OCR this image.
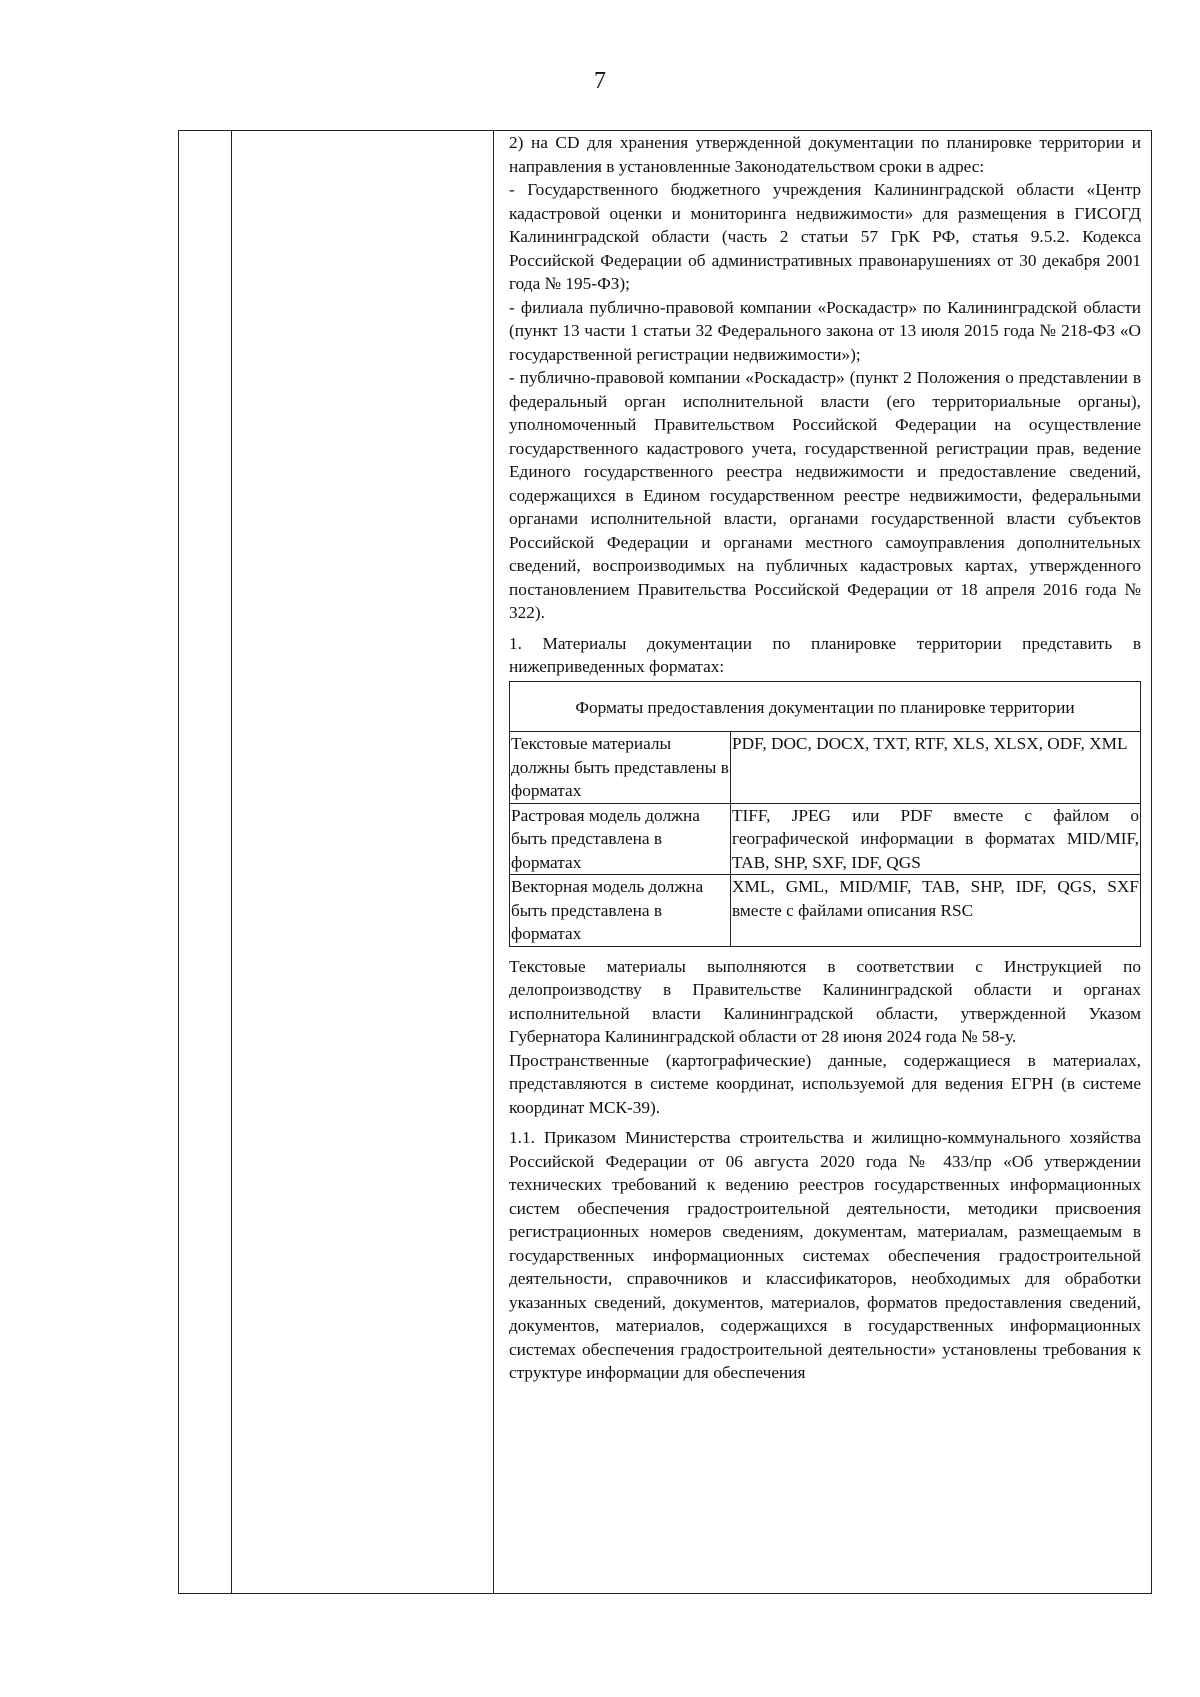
7

2) на CD для хранения утвержденной документации по планировке территории и направления в установленные Законодательством сроки в адрес:

- Государственного бюджетного учреждения Калининградской области «Центр кадастровой оценки и мониторинга недвижимости» для размещения в ГИСОГД Калининградской области (часть 2 статьи 57 ГрК РФ, статья 9.5.2. Кодекса Российской Федерации об административных правонарушениях от 30 декабря 2001 года № 195-ФЗ);

- филиала публично-правовой компании «Роскадастр» по Калининградской области (пункт 13 части 1 статьи 32 Федерального закона от 13 июля 2015 года № 218-ФЗ «О государственной регистрации недвижимости»);

- публично-правовой компании «Роскадастр» (пункт 2 Положения о представлении в федеральный орган исполнительной власти (его территориальные органы), уполномоченный Правительством Российской Федерации на осуществление государственного кадастрового учета, государственной регистрации прав, ведение Единого государственного реестра недвижимости и предоставление сведений, содержащихся в Едином государственном реестре недвижимости, федеральными органами исполнительной власти, органами государственной власти субъектов Российской Федерации и органами местного самоуправления дополнительных сведений, воспроизводимых на публичных кадастровых картах, утвержденного постановлением Правительства Российской Федерации от 18 апреля 2016 года № 322).

1. Материалы документации по планировке территории представить в нижеприведенных форматах:

Форматы предоставления документации по планировке территории	
Текстовые материалы должны быть представлены в форматах	PDF, DOC, DOCX, TXT, RTF, XLS, XLSX, ODF, XML
Растровая модель должна быть представлена в форматах	TIFF, JPEG или PDF вместе с файлом о географической информации в форматах MID/MIF, TAB, SHP, SXF, IDF, QGS
Векторная модель должна быть представлена в форматах	XML, GML, MID/MIF, TAB, SHP, IDF, QGS, SXF вместе с файлами описания RSC

Текстовые материалы выполняются в соответствии с Инструкцией по делопроизводству в Правительстве Калининградской области и органах исполнительной власти Калининградской области, утвержденной Указом Губернатора Калининградской области от 28 июня 2024 года № 58-у.

Пространственные (картографические) данные, содержащиеся в материалах, представляются в системе координат, используемой для ведения ЕГРН (в системе координат МСК-39).

1.1. Приказом Министерства строительства и жилищно-коммунального хозяйства Российской Федерации от 06 августа 2020 года № 433/пр «Об утверждении технических требований к ведению реестров государственных информационных систем обеспечения градостроительной деятельности, методики присвоения регистрационных номеров сведениям, документам, материалам, размещаемым в государственных информационных системах обеспечения градостроительной деятельности, справочников и классификаторов, необходимых для обработки указанных сведений, документов, материалов, форматов предоставления сведений, документов, материалов, содержащихся в государственных информационных системах обеспечения градостроительной деятельности» установлены требования к структуре информации для обеспечения
